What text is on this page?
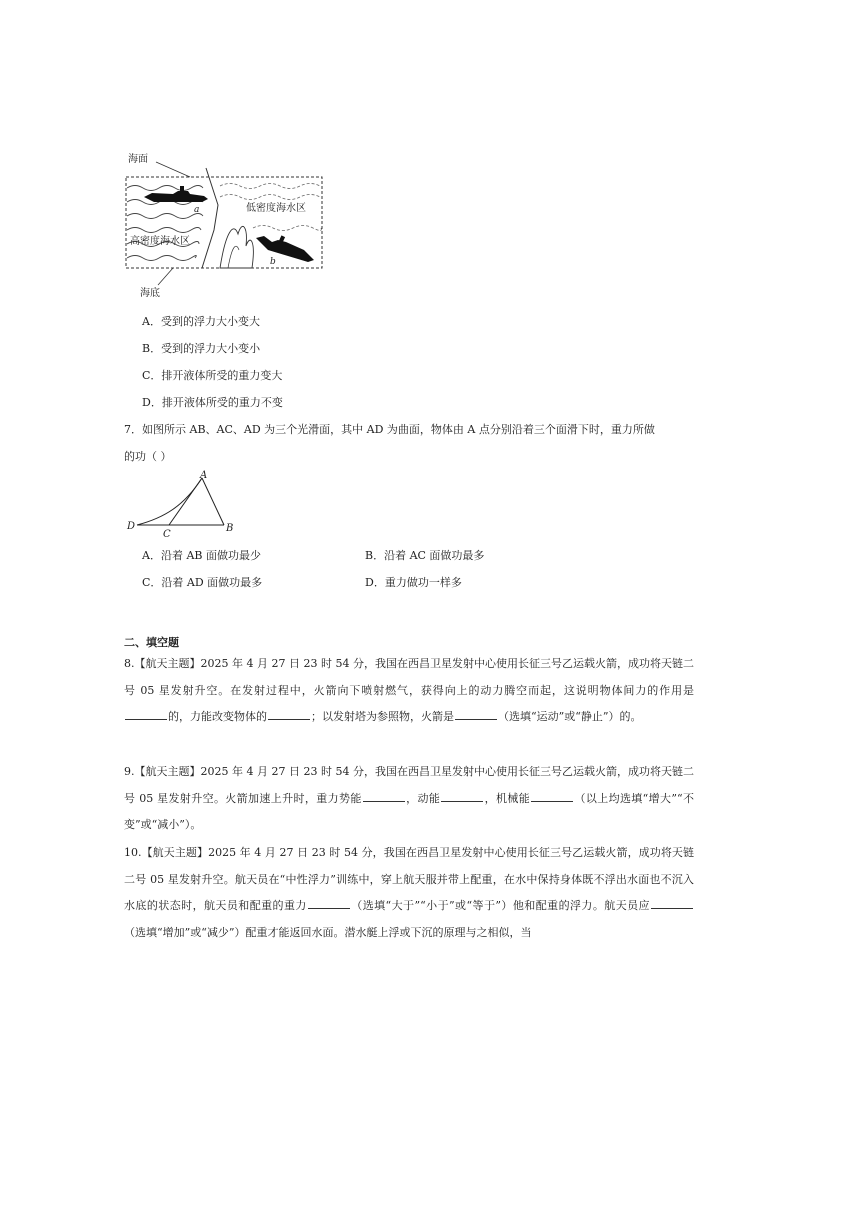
海面
海底
低密度海水区
高密度海水区
a
b
A．受到的浮力大小变大
B．受到的浮力大小变小
C．排开液体所受的重力变大
D．排开液体所受的重力不变
7．如图所示 AB、AC、AD 为三个光滑面，其中 AD 为曲面，物体由 A 点分别沿着三个面滑下时，重力所做
的功（ ）
A
B
C
D
A．沿着 AB 面做功最少	B．沿着 AC 面做功最多
C．沿着 AD 面做功最多	D．重力做功一样多
二、填空题
8.【航天主题】2025 年 4 月 27 日 23 时 54 分，我国在西昌卫星发射中心使用长征三号乙运载火箭，成功将天链二号 05 星发射升空。在发射过程中，火箭向下喷射燃气，获得向上的动力腾空而起，这说明物体间力的作用是的，力能改变物体的	；以发射塔为参照物，火箭是	（选填“运动”或“静止”）的。
9.【航天主题】2025 年 4 月 27 日 23 时 54 分，我国在西昌卫星发射中心使用长征三号乙运载火箭，成功将天链二号 05 星发射升空。火箭加速上升时，重力势能	，动能	，机械能	（以上均选填“增大”“不变”或“减小”）。
10.【航天主题】2025 年 4 月 27 日 23 时 54 分，我国在西昌卫星发射中心使用长征三号乙运载火箭，成功将天链二号 05 星发射升空。航天员在“中性浮力”训练中，穿上航天服并带上配重，在水中保持身体既不浮出水面也不沉入水底的状态时，航天员和配重的重力	（选填“大于”“小于”或“等于”）他和配重的浮力。航天员应（选填“增加”或“减少”）配重才能返回水面。潜水艇上浮或下沉的原理与之相似，当
